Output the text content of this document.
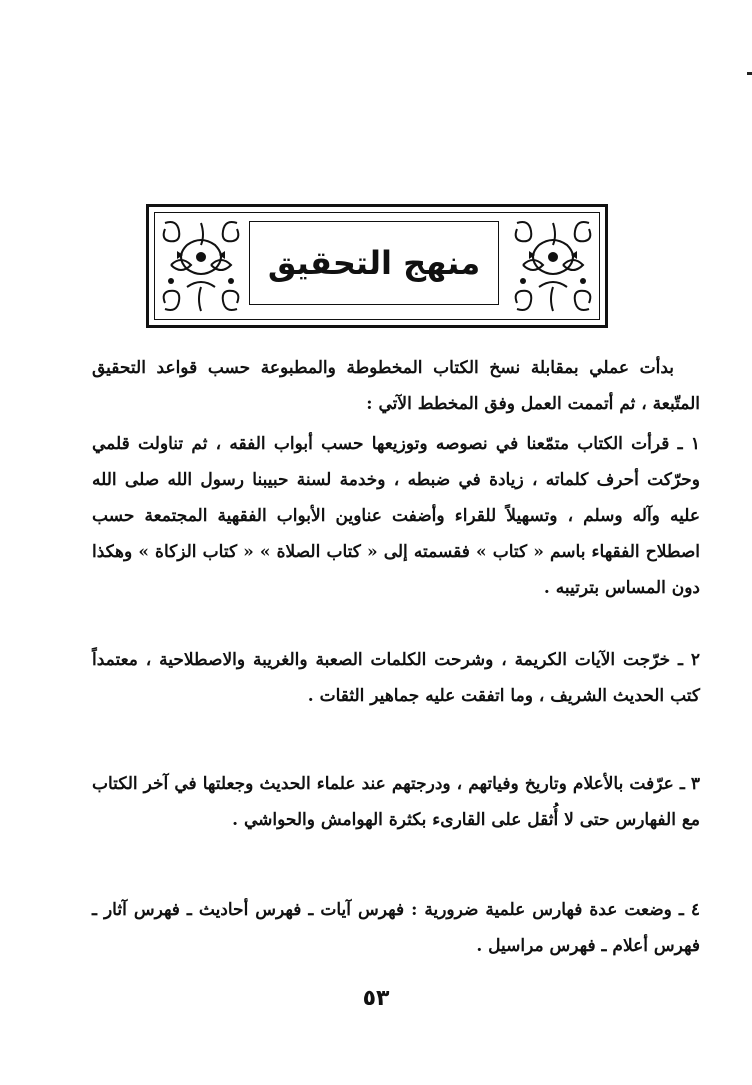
منهج التحقيق

بدأت عملي بمقابلة نسخ الكتاب المخطوطة والمطبوعة حسب قواعد التحقيق المتّبعة ، ثم أتممت العمل وفق المخطط الآتي :

١ ـ قرأت الكتاب متمّعنا في نصوصه وتوزيعها حسب أبواب الفقه ، ثم تناولت قلمي وحرّكت أحرف كلماته ، زيادة في ضبطه ، وخدمة لسنة حبيبنا رسول الله صلى الله عليه وآله وسلم ، وتسهيلاً للقراء وأضفت عناوين الأبواب الفقهية المجتمعة حسب اصطلاح الفقهاء باسم « كتاب » فقسمته إلى « كتاب الصلاة » « كتاب الزكاة » وهكذا دون المساس بترتيبه .

٢ ـ خرّجت الآيات الكريمة ، وشرحت الكلمات الصعبة والغريبة والاصطلاحية ، معتمداً كتب الحديث الشريف ، وما اتفقت عليه جماهير الثقات .

٣ ـ عرّفت بالأعلام وتاريخ وفياتهم ، ودرجتهم عند علماء الحديث وجعلتها في آخر الكتاب مع الفهارس حتى لا أُثقل على القارىء بكثرة الهوامش والحواشي .

٤ ـ وضعت عدة فهارس علمية ضرورية : فهرس آيات ـ فهرس أحاديث ـ فهرس آثار ـ فهرس أعلام ـ فهرس مراسيل .

٥٣
